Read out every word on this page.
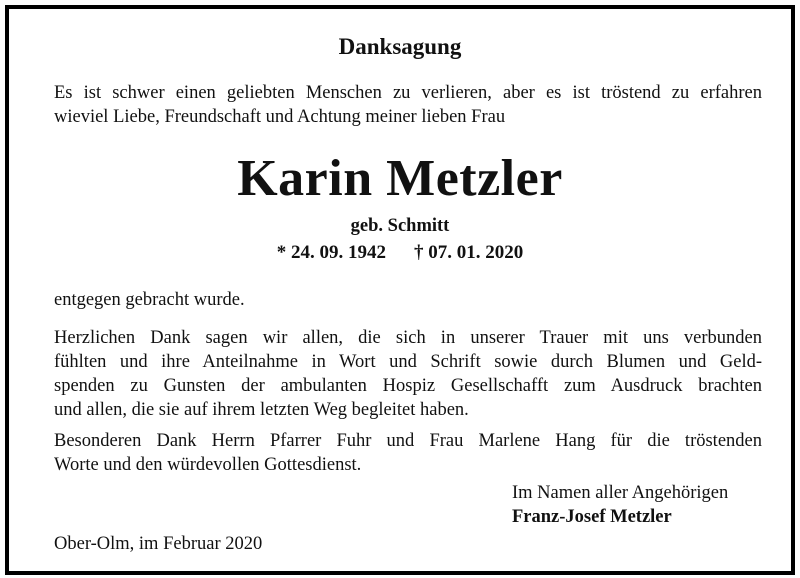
Danksagung
Es ist schwer einen geliebten Menschen zu verlieren, aber es ist tröstend zu erfahren
wieviel Liebe, Freundschaft und Achtung meiner lieben Frau
Karin Metzler
geb. Schmitt
* 24. 09. 1942 † 07. 01. 2020
entgegen gebracht wurde.
Herzlichen Dank sagen wir allen, die sich in unserer Trauer mit uns verbunden
fühlten und ihre Anteilnahme in Wort und Schrift sowie durch Blumen und Geld-
spenden zu Gunsten der ambulanten Hospiz Gesellschafft zum Ausdruck brachten
und allen, die sie auf ihrem letzten Weg begleitet haben.
Besonderen Dank Herrn Pfarrer Fuhr und Frau Marlene Hang für die tröstenden
Worte und den würdevollen Gottesdienst.
Im Namen aller Angehörigen
Franz-Josef Metzler
Ober-Olm, im Februar 2020
